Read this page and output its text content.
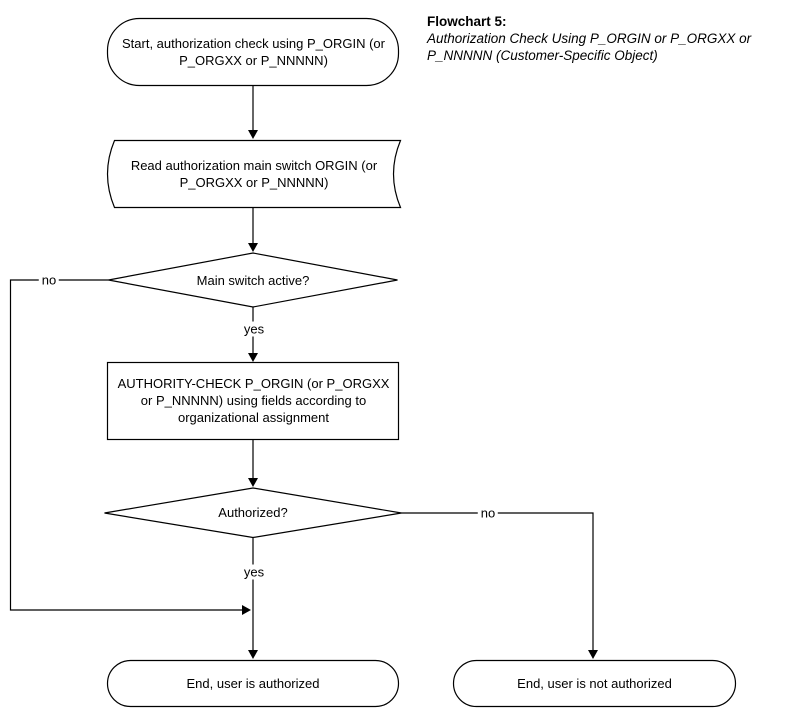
Start, authorization check using P_ORGIN (or P_ORGXX or P_NNNNN)
Read authorization main switch ORGIN (or P_ORGXX or P_NNNNN)
Main switch active?
AUTHORITY-CHECK P_ORGIN (or P_ORGXX or P_NNNNN) using fields according to organizational assignment
Authorized?
End, user is authorized	End, user is not authorized
no
yes
no
yes
Flowchart 5:
Authorization Check Using P_ORGIN or P_ORGXX or
P_NNNNN (Customer-Specific Object)
